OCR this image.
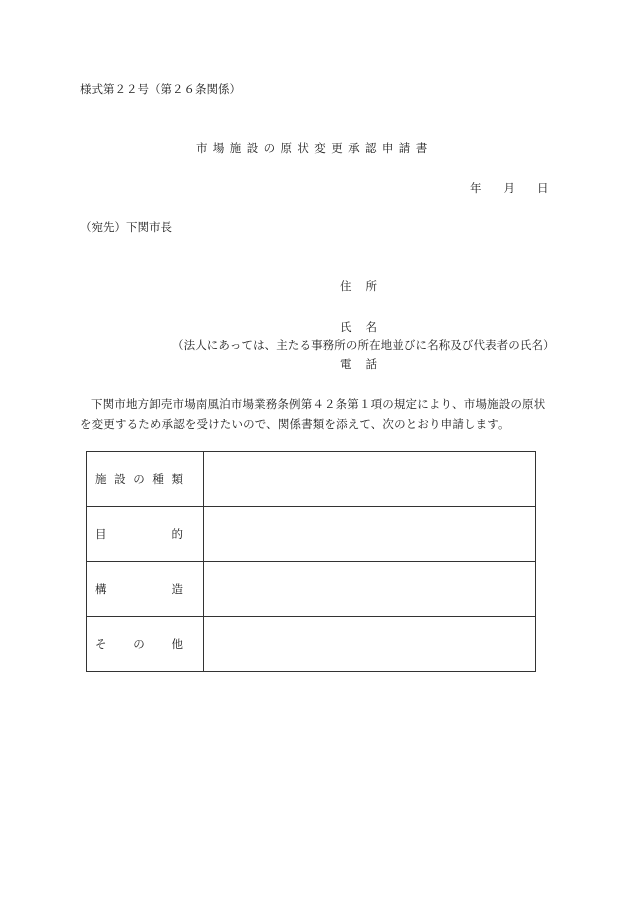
様式第２２号（第２６条関係）
市場施設の原状変更承認申請書
年 月 日
（宛先）下関市長
住所
氏名
（法人にあっては、主たる事務所の所在地並びに名称及び代表者の氏名）
電話
下関市地方卸売市場南風泊市場業務条例第４２条第１項の規定により、市場施設の原状を変更するため承認を受けたいので、関係書類を添えて、次のとおり申請します。
施 設 の 種 類	

目 的	

構 造	

そ の 他	
